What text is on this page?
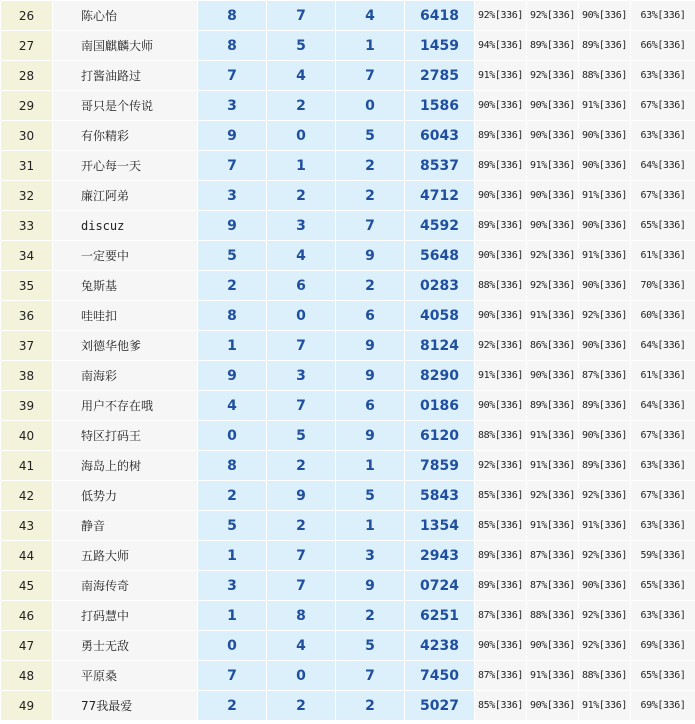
26	陈心怡	8	7	4	6418	92%[336]	92%[336]	90%[336]	63%[336]
27	南国麒麟大师	8	5	1	1459	94%[336]	89%[336]	89%[336]	66%[336]
28	打酱油路过	7	4	7	2785	91%[336]	92%[336]	88%[336]	63%[336]
29	哥只是个传说	3	2	0	1586	90%[336]	90%[336]	91%[336]	67%[336]
30	有你精彩	9	0	5	6043	89%[336]	90%[336]	90%[336]	63%[336]
31	开心每一天	7	1	2	8537	89%[336]	91%[336]	90%[336]	64%[336]
32	廉江阿弟	3	2	2	4712	90%[336]	90%[336]	91%[336]	67%[336]
33	discuz	9	3	7	4592	89%[336]	90%[336]	90%[336]	65%[336]
34	一定要中	5	4	9	5648	90%[336]	92%[336]	91%[336]	61%[336]
35	兔斯基	2	6	2	0283	88%[336]	92%[336]	90%[336]	70%[336]
36	哇哇扣	8	0	6	4058	90%[336]	91%[336]	92%[336]	60%[336]
37	刘德华他爹	1	7	9	8124	92%[336]	86%[336]	90%[336]	64%[336]
38	南海彩	9	3	9	8290	91%[336]	90%[336]	87%[336]	61%[336]
39	用户不存在哦	4	7	6	0186	90%[336]	89%[336]	89%[336]	64%[336]
40	特区打码王	0	5	9	6120	88%[336]	91%[336]	90%[336]	67%[336]
41	海岛上的树	8	2	1	7859	92%[336]	91%[336]	89%[336]	63%[336]
42	低势力	2	9	5	5843	85%[336]	92%[336]	92%[336]	67%[336]
43	静音	5	2	1	1354	85%[336]	91%[336]	91%[336]	63%[336]
44	五路大师	1	7	3	2943	89%[336]	87%[336]	92%[336]	59%[336]
45	南海传奇	3	7	9	0724	89%[336]	87%[336]	90%[336]	65%[336]
46	打码慧中	1	8	2	6251	87%[336]	88%[336]	92%[336]	63%[336]
47	勇士无敌	0	4	5	4238	90%[336]	90%[336]	92%[336]	69%[336]
48	平原桑	7	0	7	7450	87%[336]	91%[336]	88%[336]	65%[336]
49	77我最爱	2	2	2	5027	85%[336]	90%[336]	91%[336]	69%[336]
